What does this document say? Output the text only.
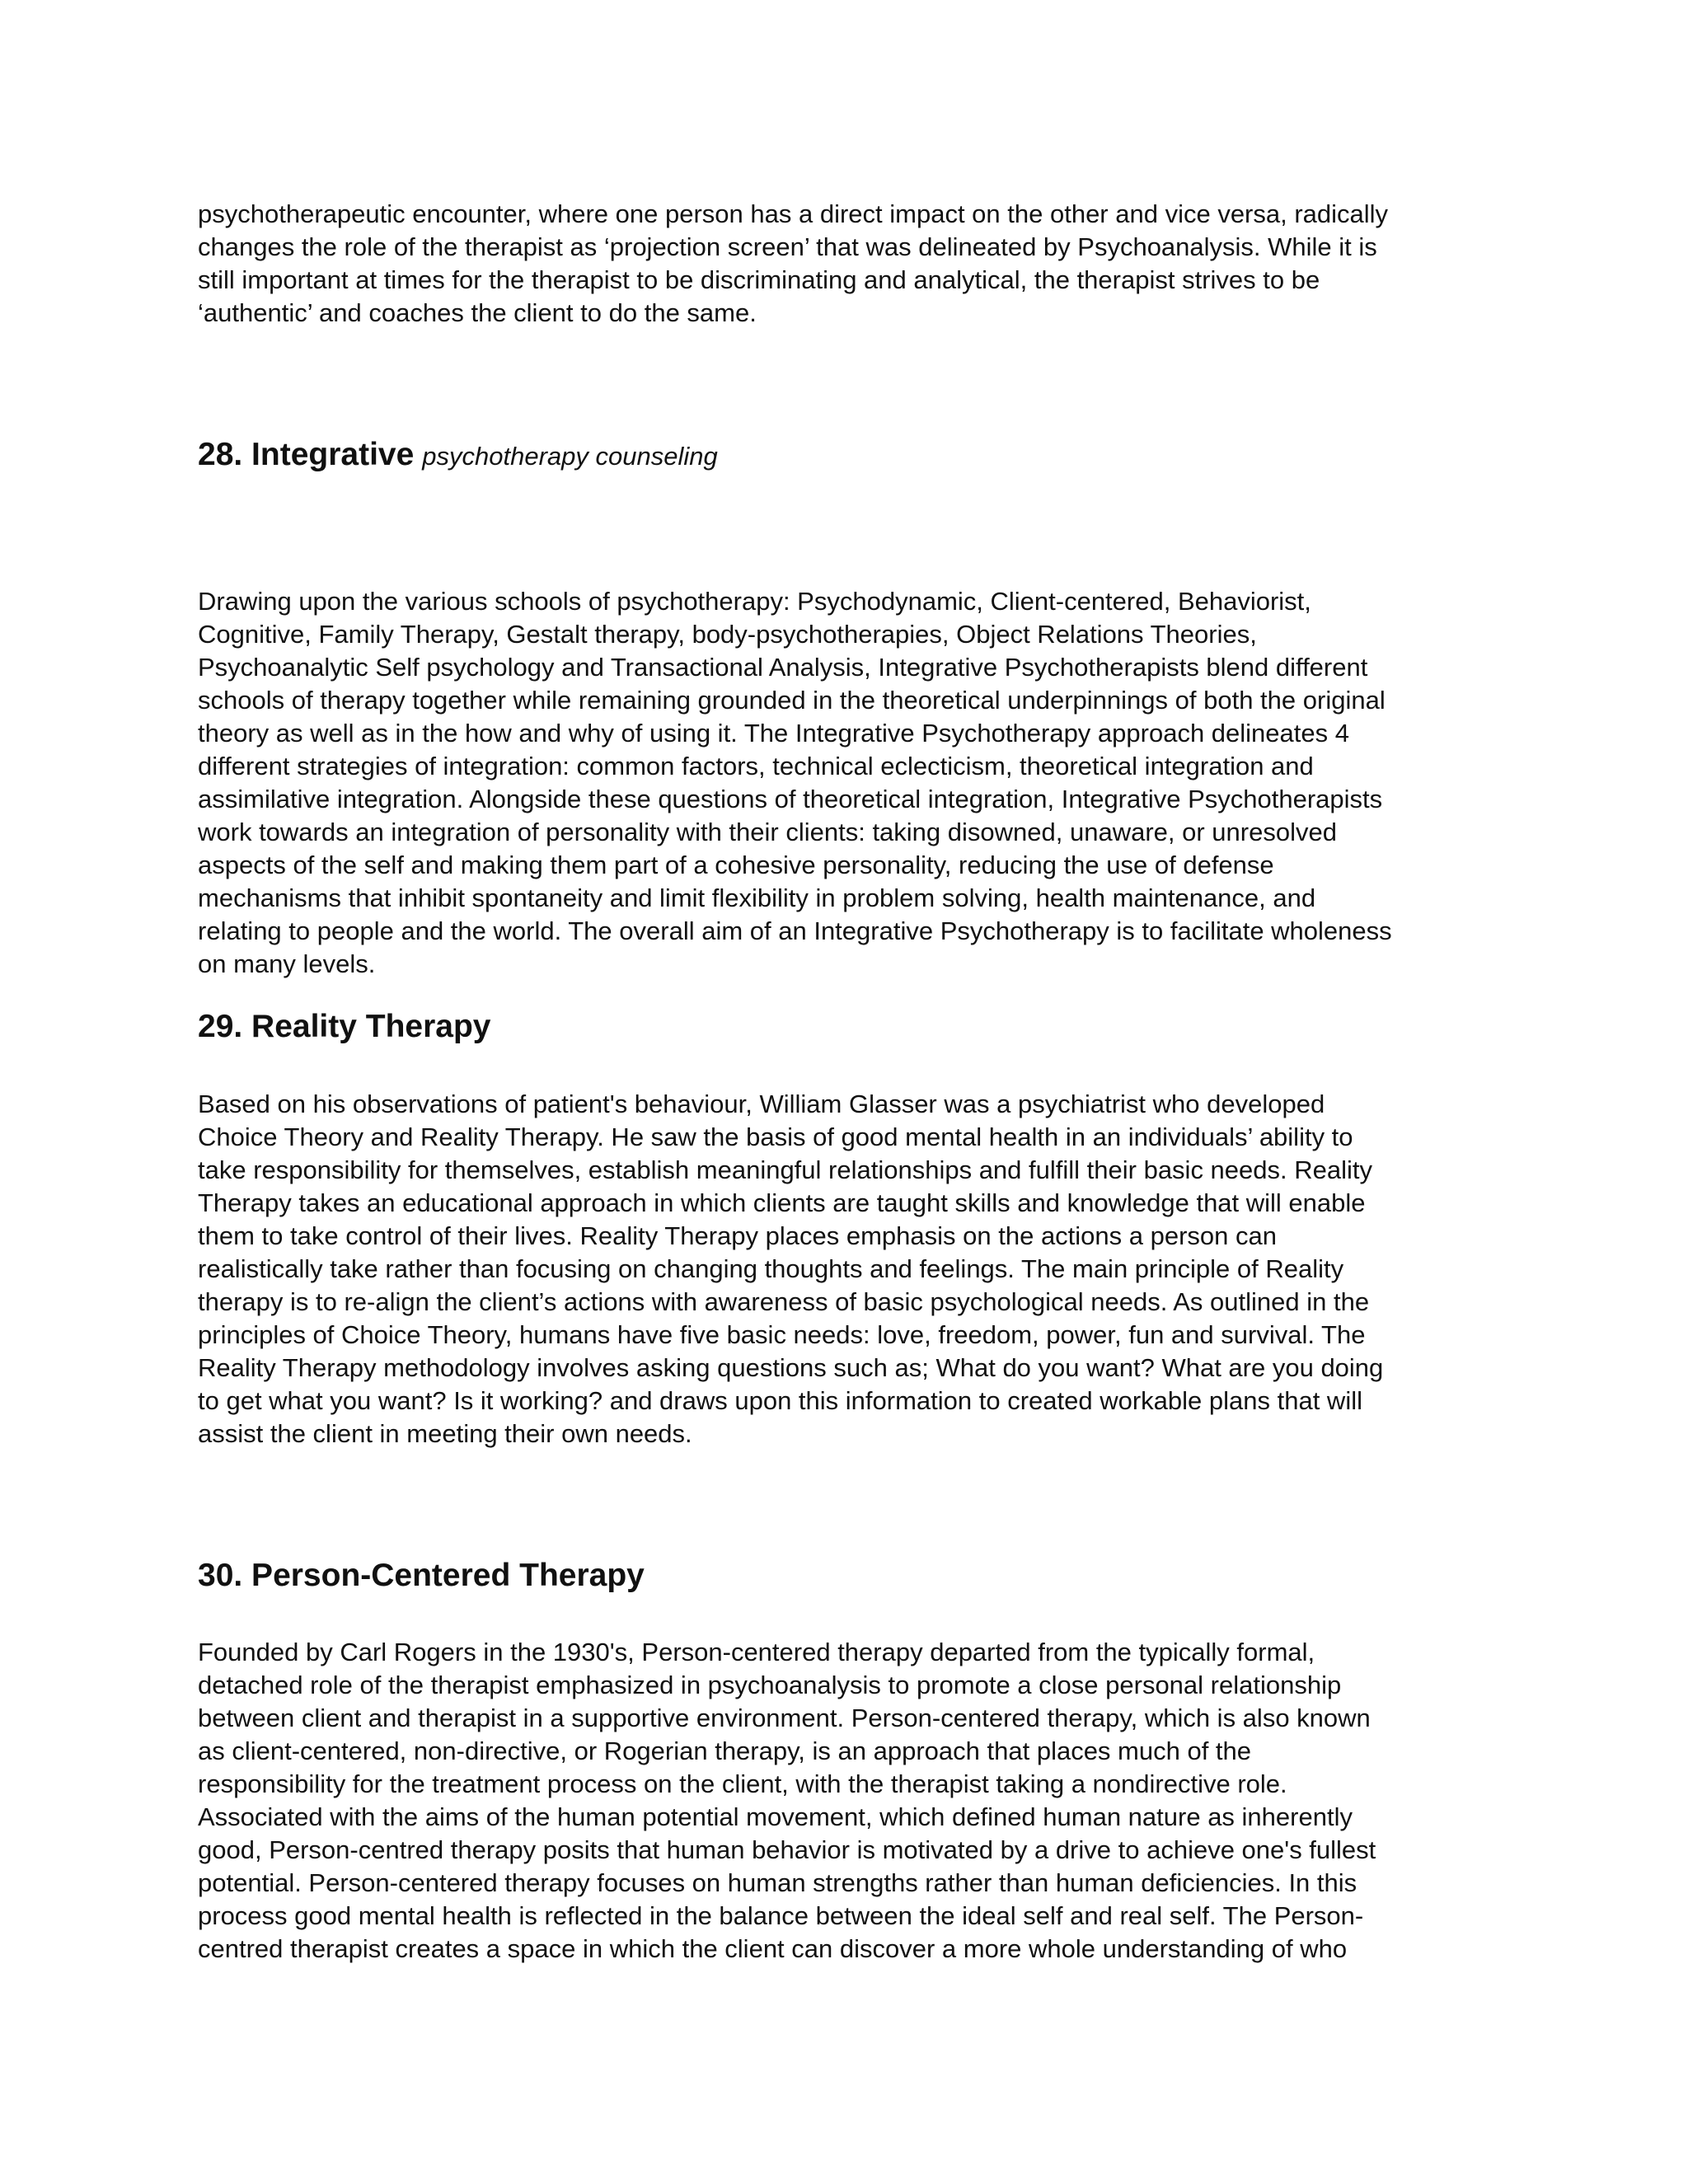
psychotherapeutic encounter, where one person has a direct impact on the other and vice versa, radically
changes the role of the therapist as ‘projection screen’ that was delineated by Psychoanalysis. While it is
still important at times for the therapist to be discriminating and analytical, the therapist strives to be
‘authentic’ and coaches the client to do the same.
28. Integrative psychotherapy counseling
Drawing upon the various schools of psychotherapy: Psychodynamic, Client-centered, Behaviorist,
Cognitive, Family Therapy, Gestalt therapy, body-psychotherapies, Object Relations Theories,
Psychoanalytic Self psychology and Transactional Analysis, Integrative Psychotherapists blend different
schools of therapy together while remaining grounded in the theoretical underpinnings of both the original
theory as well as in the how and why of using it. The Integrative Psychotherapy approach delineates 4
different strategies of integration: common factors, technical eclecticism, theoretical integration and
assimilative integration. Alongside these questions of theoretical integration, Integrative Psychotherapists
work towards an integration of personality with their clients: taking disowned, unaware, or unresolved
aspects of the self and making them part of a cohesive personality, reducing the use of defense
mechanisms that inhibit spontaneity and limit flexibility in problem solving, health maintenance, and
relating to people and the world. The overall aim of an Integrative Psychotherapy is to facilitate wholeness
on many levels.
29. Reality Therapy
Based on his observations of patient's behaviour, William Glasser was a psychiatrist who developed
Choice Theory and Reality Therapy. He saw the basis of good mental health in an individuals’ ability to
take responsibility for themselves, establish meaningful relationships and fulfill their basic needs. Reality
Therapy takes an educational approach in which clients are taught skills and knowledge that will enable
them to take control of their lives. Reality Therapy places emphasis on the actions a person can
realistically take rather than focusing on changing thoughts and feelings. The main principle of Reality
therapy is to re-align the client’s actions with awareness of basic psychological needs. As outlined in the
principles of Choice Theory, humans have five basic needs: love, freedom, power, fun and survival. The
Reality Therapy methodology involves asking questions such as; What do you want? What are you doing
to get what you want? Is it working? and draws upon this information to created workable plans that will
assist the client in meeting their own needs.
30. Person-Centered Therapy
Founded by Carl Rogers in the 1930's, Person-centered therapy departed from the typically formal,
detached role of the therapist emphasized in psychoanalysis to promote a close personal relationship
between client and therapist in a supportive environment. Person-centered therapy, which is also known
as client-centered, non-directive, or Rogerian therapy, is an approach that places much of the
responsibility for the treatment process on the client, with the therapist taking a nondirective role.
Associated with the aims of the human potential movement, which defined human nature as inherently
good, Person-centred therapy posits that human behavior is motivated by a drive to achieve one's fullest
potential. Person-centered therapy focuses on human strengths rather than human deficiencies. In this
process good mental health is reflected in the balance between the ideal self and real self. The Person-
centred therapist creates a space in which the client can discover a more whole understanding of who
